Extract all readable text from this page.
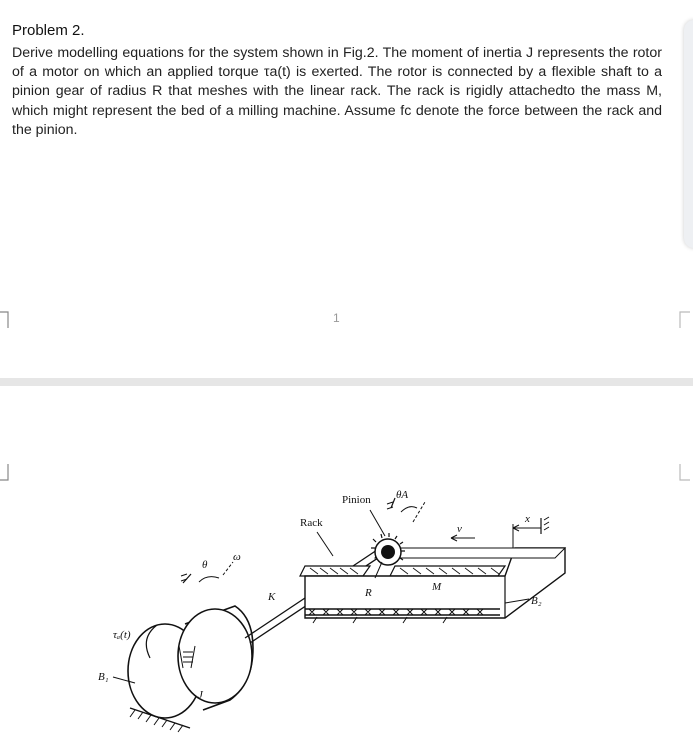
Problem 2.

Derive modelling equations for the system shown in Fig.2. The moment of inertia J represents the rotor of a motor on which an applied torque τa(t) is exerted. The rotor is connected by a flexible shaft to a pinion gear of radius R that meshes with the linear rack. The rack is rigidly attachedto the mass M, which might represent the bed of a milling machine. Assume fc denote the force between the rack and the pinion.

1
τₐ(t)
B₁
J
θ
ω
K
M
R
Rack
Pinion θA
v
x
B₂
